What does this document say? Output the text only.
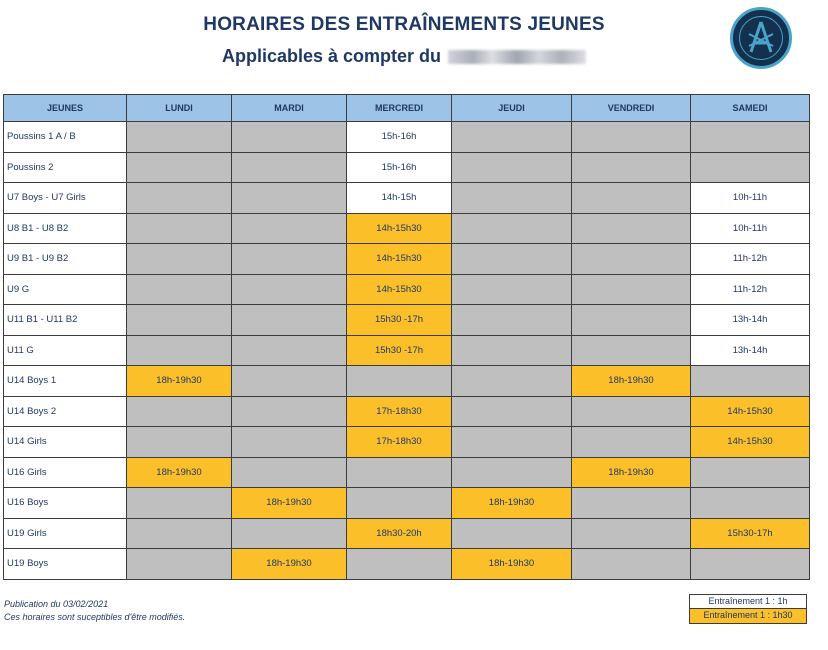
HORAIRES DES ENTRAÎNEMENTS JEUNES
Applicables à compter du
JEUNES	LUNDI	MARDI	MERCREDI	JEUDI	VENDREDI	SAMEDI
Poussins 1 A / B			15h-16h			
Poussins 2			15h-16h			
U7 Boys - U7 Girls			14h-15h			10h-11h
U8 B1 - U8 B2			14h-15h30			10h-11h
U9 B1 - U9 B2			14h-15h30			11h-12h
U9 G			14h-15h30			11h-12h
U11 B1 - U11 B2			15h30 -17h			13h-14h
U11 G			15h30 -17h			13h-14h
U14 Boys 1	18h-19h30				18h-19h30	
U14 Boys 2			17h-18h30			14h-15h30
U14 Girls			17h-18h30			14h-15h30
U16 Girls	18h-19h30				18h-19h30	
U16 Boys		18h-19h30		18h-19h30		
U19 Girls			18h30-20h			15h30-17h
U19 Boys		18h-19h30		18h-19h30		
Publication du 03/02/2021
Ces horaires sont suceptibles d'être modifiés.
Entraînement 1 : 1h
Entraînement 1 : 1h30
